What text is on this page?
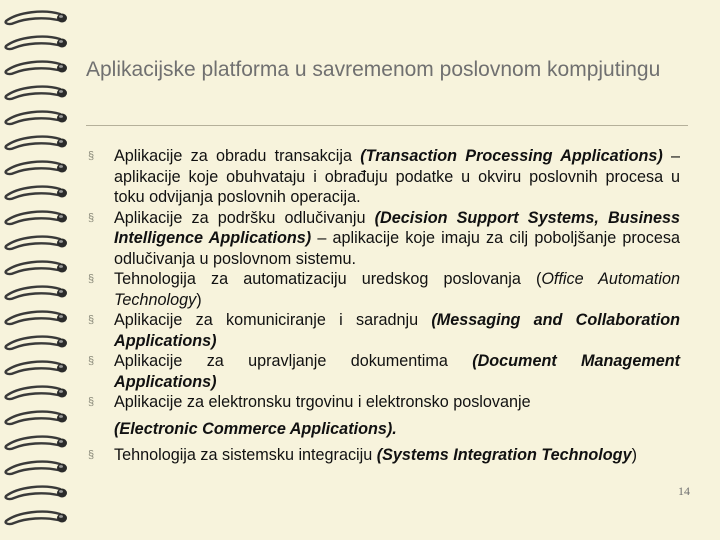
Aplikacijske platforma u savremenom poslovnom kompjutingu
§ Aplikacije za obradu transakcija (Transaction Processing Applications) – aplikacije koje obuhvataju i obrađuju podatke u okviru poslovnih procesa u toku odvijanja poslovnih operacija.
§ Aplikacije za podršku odlučivanju (Decision Support Systems, Business Intelligence Applications) – aplikacije koje imaju za cilj poboljšanje procesa odlučivanja u poslovnom sistemu.
§ Tehnologija za automatizaciju uredskog poslovanja (Office Automation Technology)
§ Aplikacije za komuniciranje i saradnju (Messaging and Collaboration Applications)
§ Aplikacije za upravljanje dokumentima (Document Management Applications)
§ Aplikacije za elektronsku trgovinu i elektronsko poslovanje
(Electronic Commerce Applications).
§ Tehnologija za sistemsku integraciju (Systems Integration Technology)
14
